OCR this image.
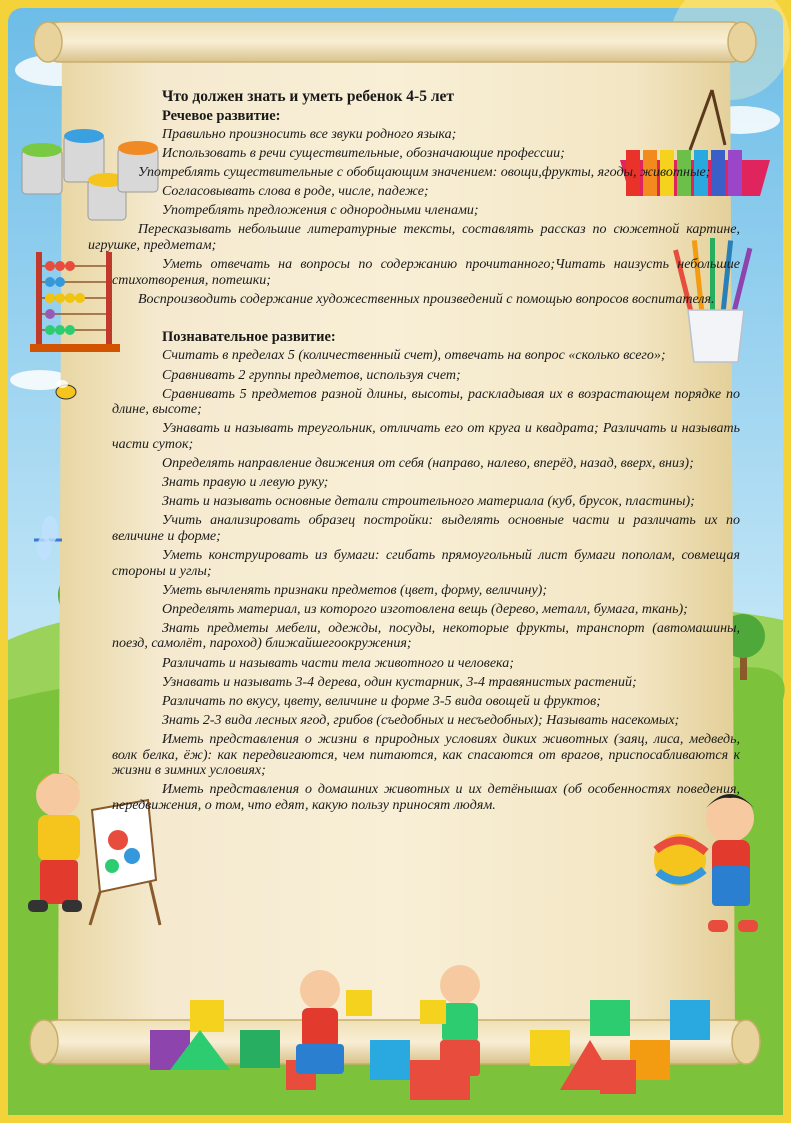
Что должен знать и уметь ребенок 4-5 лет
Речевое развитие:
Правильно произносить все звуки родного языка;
Использовать в речи существительные, обозначающие профессии;
Употреблять существительные с обобщающим значением: овощи,фрукты, ягоды, животные;
Согласовывать слова в роде, числе, падеже;
Употреблять предложения с однородными членами;
Пересказывать небольшие литературные тексты, составлять рассказ по сюжетной картине, игрушке, предметам;
Уметь отвечать на вопросы по содержанию прочитанного;Читать наизусть небольшие стихотворения, потешки;
Воспроизводить содержание художественных произведений с помощью вопросов воспитателя.
Познавательное развитие:
Считать в пределах 5 (количественный счет), отвечать на вопрос «сколько всего»;
Сравнивать 2 группы предметов, используя счет;
Сравнивать 5 предметов разной длины, высоты, раскладывая их в возрастающем порядке по длине, высоте;
Узнавать и называть треугольник, отличать его от круга и квадрата; Различать и называть части суток;
Определять направление движения от себя (направо, налево, вперёд, назад, вверх, вниз);
Знать правую и левую руку;
Знать и называть основные детали строительного материала (куб, брусок, пластины);
Учить анализировать образец постройки: выделять основные части и различать их по величине и форме;
Уметь конструировать из бумаги: сгибать прямоугольный лист бумаги пополам, совмещая стороны и углы;
Уметь вычленять признаки предметов (цвет, форму, величину);
Определять материал, из которого изготовлена вещь (дерево, металл, бумага, ткань);
Знать предметы мебели, одежды, посуды, некоторые фрукты, транспорт (автомашины, поезд, самолёт, пароход) ближайшегоокружения;
Различать и называть части тела животного и человека;
Узнавать и называть 3-4 дерева, один кустарник, 3-4 травянистых растений;
Различать по вкусу, цвету, величине и форме 3-5 вида овощей и фруктов;
Знать 2-3 вида лесных ягод, грибов (съедобных и несъедобных); Называть насекомых;
Иметь представления о жизни в природных условиях диких животных (заяц, лиса, медведь, волк белка, ёж): как передвигаются, чем питаются, как спасаются от врагов, приспосабливаются к жизни в зимних условиях;
Иметь представления о домашних животных и их детёнышах (об особенностях поведения, передвижения, о том, что едят, какую пользу приносят людям.
